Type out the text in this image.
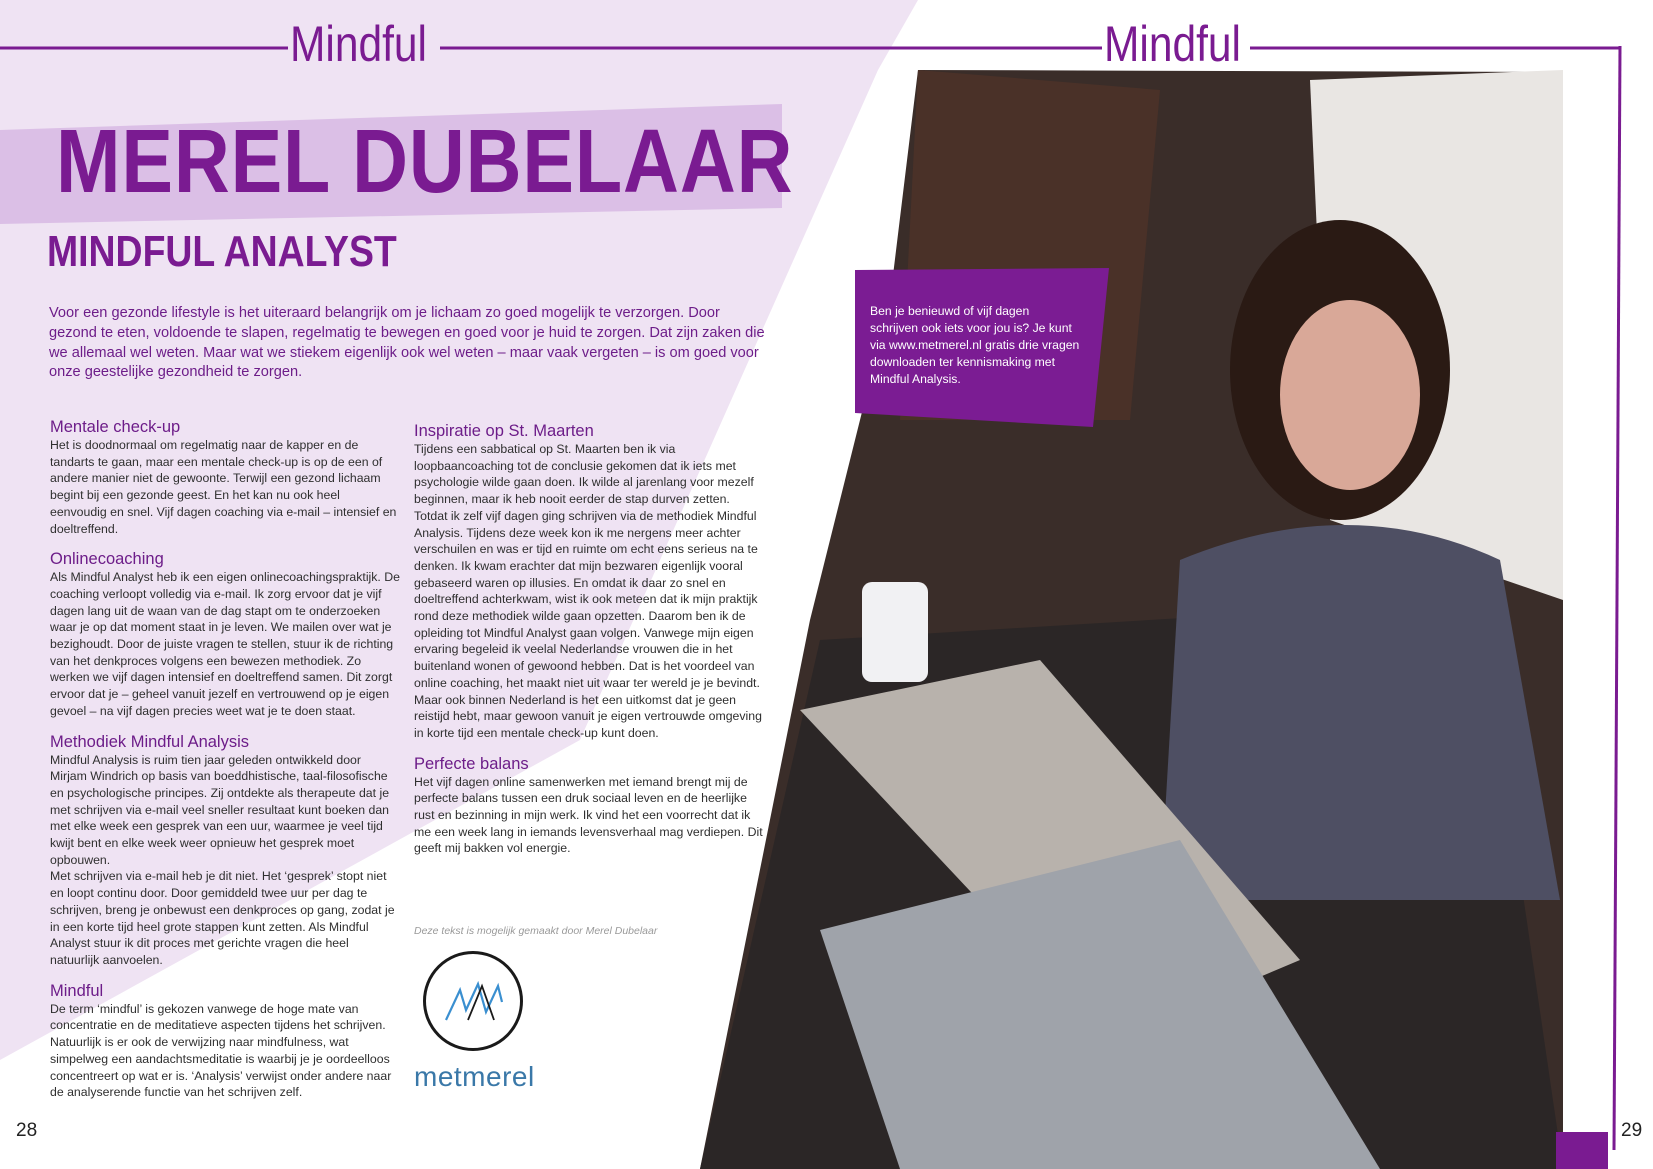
Mindful	Mindful
MEREL DUBELAAR
MINDFUL ANALYST
Voor een gezonde lifestyle is het uiteraard belangrijk om je lichaam zo goed mogelijk te verzorgen. Door gezond te eten, voldoende te slapen, regelmatig te bewegen en goed voor je huid te zorgen. Dat zijn zaken die we allemaal wel weten. Maar wat we stiekem eigenlijk ook wel weten – maar vaak vergeten – is om goed voor onze geestelijke gezondheid te zorgen.
Mentale check-up

Het is doodnormaal om regelmatig naar de kapper en de tandarts te gaan, maar een mentale check-up is op de een of andere manier niet de gewoonte. Terwijl een gezond lichaam begint bij een gezonde geest. En het kan nu ook heel eenvoudig en snel. Vijf dagen coaching via e-mail – intensief en doeltreffend.

Onlinecoaching

Als Mindful Analyst heb ik een eigen onlinecoachingspraktijk. De coaching verloopt volledig via e-mail. Ik zorg ervoor dat je vijf dagen lang uit de waan van de dag stapt om te onderzoeken waar je op dat moment staat in je leven. We mailen over wat je bezighoudt. Door de juiste vragen te stellen, stuur ik de richting van het denkproces volgens een bewezen methodiek. Zo werken we vijf dagen intensief en doeltreffend samen. Dit zorgt ervoor dat je – geheel vanuit jezelf en vertrouwend op je eigen gevoel – na vijf dagen precies weet wat je te doen staat.

Methodiek Mindful Analysis

Mindful Analysis is ruim tien jaar geleden ontwikkeld door Mirjam Windrich op basis van boeddhistische, taal-filosofische en psychologische principes. Zij ontdekte als therapeute dat je met schrijven via e-mail veel sneller resultaat kunt boeken dan met elke week een gesprek van een uur, waarmee je veel tijd kwijt bent en elke week weer opnieuw het gesprek moet opbouwen.

Met schrijven via e-mail heb je dit niet. Het ‘gesprek’ stopt niet en loopt continu door. Door gemiddeld twee uur per dag te schrijven, breng je onbewust een denkproces op gang, zodat je in een korte tijd heel grote stappen kunt zetten. Als Mindful Analyst stuur ik dit proces met gerichte vragen die heel natuurlijk aanvoelen.

Mindful

De term ‘mindful’ is gekozen vanwege de hoge mate van concentratie en de meditatieve aspecten tijdens het schrijven. Natuurlijk is er ook de verwijzing naar mindfulness, wat simpelweg een aandachtsmeditatie is waarbij je je oordeelloos concentreert op wat er is. ‘Analysis’ verwijst onder andere naar de analyserende functie van het schrijven zelf.

Inspiratie op St. Maarten

Tijdens een sabbatical op St. Maarten ben ik via loopbaancoaching tot de conclusie gekomen dat ik iets met psychologie wilde gaan doen. Ik wilde al jarenlang voor mezelf beginnen, maar ik heb nooit eerder de stap durven zetten. Totdat ik zelf vijf dagen ging schrijven via de methodiek Mindful Analysis. Tijdens deze week kon ik me nergens meer achter verschuilen en was er tijd en ruimte om echt eens serieus na te denken. Ik kwam erachter dat mijn bezwaren eigenlijk vooral gebaseerd waren op illusies. En omdat ik daar zo snel en doeltreffend achterkwam, wist ik ook meteen dat ik mijn praktijk rond deze methodiek wilde gaan opzetten. Daarom ben ik de opleiding tot Mindful Analyst gaan volgen. Vanwege mijn eigen ervaring begeleid ik veelal Nederlandse vrouwen die in het buitenland wonen of gewoond hebben. Dat is het voordeel van online coaching, het maakt niet uit waar ter wereld je je bevindt. Maar ook binnen Nederland is het een uitkomst dat je geen reistijd hebt, maar gewoon vanuit je eigen vertrouwde omgeving in korte tijd een mentale check-up kunt doen.

Perfecte balans

Het vijf dagen online samenwerken met iemand brengt mij de perfecte balans tussen een druk sociaal leven en de heerlijke rust en bezinning in mijn werk. Ik vind het een voorrecht dat ik me een week lang in iemands levensverhaal mag verdiepen. Dit geeft mij bakken vol energie.

Deze tekst is mogelijk gemaakt door Merel Dubelaar
metmerel
Ben je benieuwd of vijf dagen schrijven ook iets voor jou is? Je kunt via www.metmerel.nl gratis drie vragen downloaden ter kennismaking met Mindful Analysis.
28	29
